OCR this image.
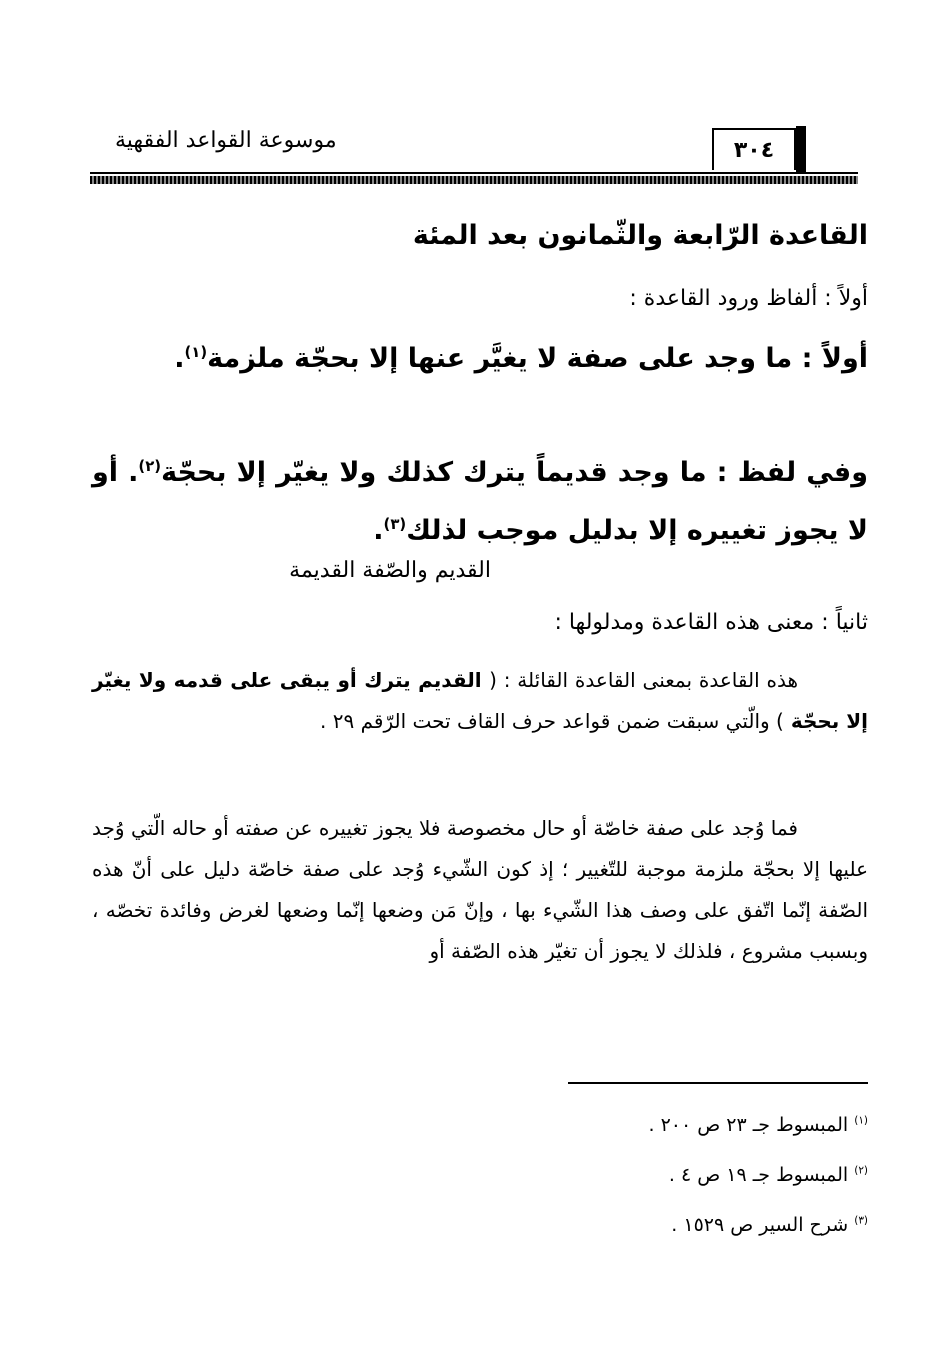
موسوعة القواعد الفقهية	٣٠٤
القاعدة الرّابعة والثّمانون بعد المئة
أولاً : ألفاظ ورود القاعدة :
أولاً : ما وجد على صفة لا يغيَّر عنها إلا بحجّة ملزمة$^{(١)}$.
وفي لفظ : ما وجد قديماً يترك كذلك ولا يغيّر إلا بحجّة$^{(٢)}$. أو لا يجوز تغييره إلا بدليل موجب لذلك$^{(٣)}$.
القديم والصّفة القديمة
ثانياً : معنى هذه القاعدة ومدلولها :
هذه القاعدة بمعنى القاعدة القائلة : ( القديم يترك أو يبقى على قدمه ولا يغيّر إلا بحجّة ) والّتي سبقت ضمن قواعد حرف القاف تحت الرّقم ٢٩ .
فما وُجد على صفة خاصّة أو حال مخصوصة فلا يجوز تغييره عن صفته أو حاله الّتي وُجد عليها إلا بحجّة ملزمة موجبة للتّغيير ؛ إذ كون الشّيء وُجد على صفة خاصّة دليل على أنّ هذه الصّفة إنّما اتّفق على وصف هذا الشّيء بها ، وإنّ مَن وضعها إنّما وضعها لغرض وفائدة تخصّه ، وبسبب مشروع ، فلذلك لا يجوز أن تغيّر هذه الصّفة أو
$^{(١)}$ المبسوط جـ ٢٣ ص ٢٠٠ .
$^{(٢)}$ المبسوط جـ ١٩ ص ٤ .
$^{(٣)}$ شرح السير ص ١٥٢٩ .
